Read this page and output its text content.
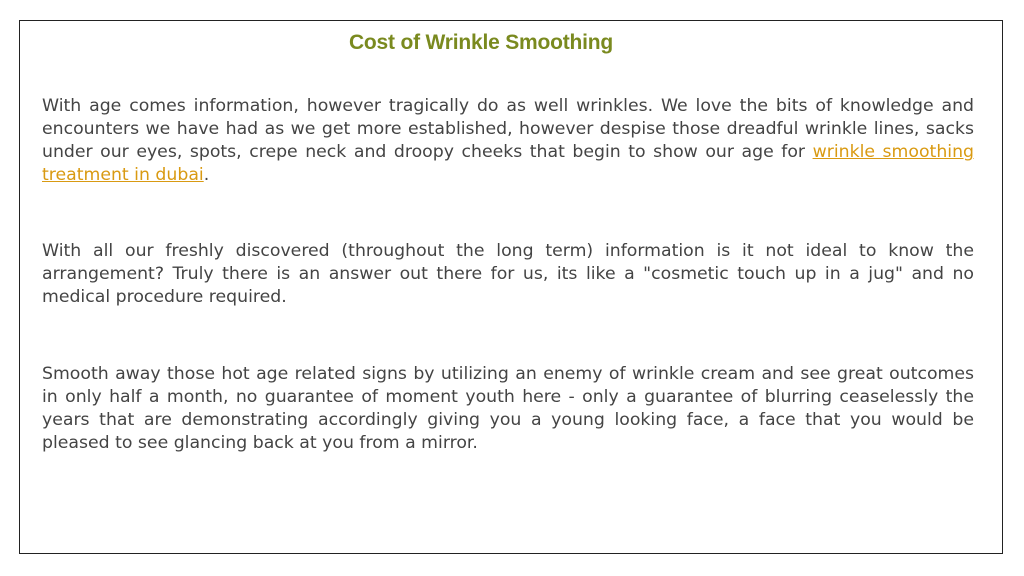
Cost of Wrinkle Smoothing

With age comes information, however tragically do as well wrinkles. We love the bits of knowledge and encounters we have had as we get more established, however despise those dreadful wrinkle lines, sacks under our eyes, spots, crepe neck and droopy cheeks that begin to show our age for wrinkle smoothing treatment in dubai.

With all our freshly discovered (throughout the long term) information is it not ideal to know the arrangement? Truly there is an answer out there for us, its like a "cosmetic touch up in a jug" and no medical procedure required.

Smooth away those hot age related signs by utilizing an enemy of wrinkle cream and see great outcomes in only half a month, no guarantee of moment youth here - only a guarantee of blurring ceaselessly the years that are demonstrating accordingly giving you a young looking face, a face that you would be pleased to see glancing back at you from a mirror.
